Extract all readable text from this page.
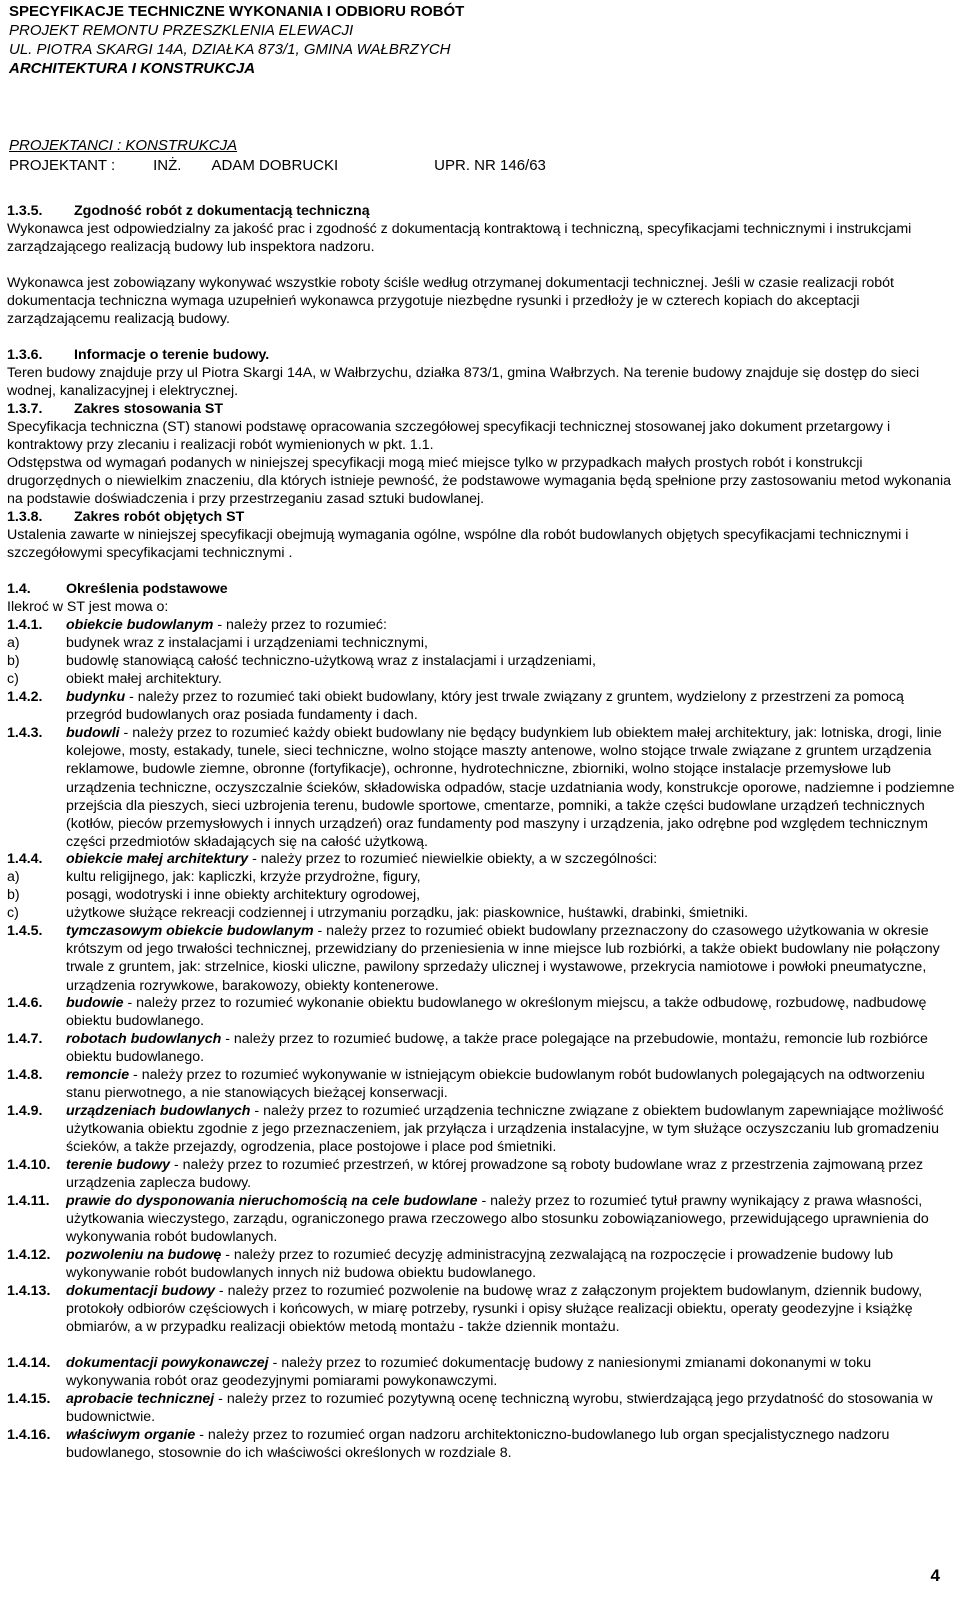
SPECYFIKACJE TECHNICZNE WYKONANIA I ODBIORU ROBÓT
PROJEKT REMONTU PRZESZKLENIA ELEWACJI
UL. PIOTRA SKARGI 14A, DZIAŁKA 873/1, GMINA WAŁBRZYCH
ARCHITEKTURA I KONSTRUKCJA
PROJEKTANCI : KONSTRUKCJA
PROJEKTANT :	INŻ. ADAM DOBRUCKI	UPR. NR 146/63
1.3.5. Zgodność robót z dokumentacją techniczną
Wykonawca jest odpowiedzialny za jakość prac i zgodność z dokumentacją kontraktową i techniczną, specyfikacjami technicznymi i instrukcjami zarządzającego realizacją budowy lub inspektora nadzoru.
Wykonawca jest zobowiązany wykonywać wszystkie roboty ściśle według otrzymanej dokumentacji technicznej. Jeśli w czasie realizacji robót dokumentacja techniczna wymaga uzupełnień wykonawca przygotuje niezbędne rysunki i przedłoży je w czterech kopiach do akceptacji zarządzającemu realizacją budowy.
1.3.6. Informacje o terenie budowy.
Teren budowy znajduje przy ul Piotra Skargi 14A, w Wałbrzychu, działka 873/1, gmina Wałbrzych. Na terenie budowy znajduje się dostęp do sieci wodnej, kanalizacyjnej i elektrycznej.
1.3.7. Zakres stosowania ST
Specyfikacja techniczna (ST) stanowi podstawę opracowania szczegółowej specyfikacji technicznej stosowanej jako dokument przetargowy i kontraktowy przy zlecaniu i realizacji robót wymienionych w pkt. 1.1.
Odstępstwa od wymagań podanych w niniejszej specyfikacji mogą mieć miejsce tylko w przypadkach małych prostych robót i konstrukcji drugorzędnych o niewielkim znaczeniu, dla których istnieje pewność, że podstawowe wymagania będą spełnione przy zastosowaniu metod wykonania na podstawie doświadczenia i przy przestrzeganiu zasad sztuki budowlanej.
1.3.8. Zakres robót objętych ST
Ustalenia zawarte w niniejszej specyfikacji obejmują wymagania ogólne, wspólne dla robót budowlanych objętych specyfikacjami technicznymi i szczegółowymi specyfikacjami technicznymi .
1.4. Określenia podstawowe
Ilekroć w ST jest mowa o:
1.4.1. obiekcie budowlanym - należy przez to rozumieć:
a)	budynek wraz z instalacjami i urządzeniami technicznymi,
b)	budowlę stanowiącą całość techniczno-użytkową wraz z instalacjami i urządzeniami,
c)	obiekt małej architektury.
1.4.2. budynku - należy przez to rozumieć taki obiekt budowlany, który jest trwale związany z gruntem, wydzielony z przestrzeni za pomocą przegród budowlanych oraz posiada fundamenty i dach.
1.4.3. budowli - należy przez to rozumieć każdy obiekt budowlany nie będący budynkiem lub obiektem małej architektury, jak: lotniska, drogi, linie kolejowe, mosty, estakady, tunele, sieci techniczne, wolno stojące maszty antenowe, wolno stojące trwale związane z gruntem urządzenia reklamowe, budowle ziemne, obronne (fortyfikacje), ochronne, hydrotechniczne, zbiorniki, wolno stojące instalacje przemysłowe lub urządzenia techniczne, oczyszczalnie ścieków, składowiska odpadów, stacje uzdatniania wody, konstrukcje oporowe, nadziemne i podziemne przejścia dla pieszych, sieci uzbrojenia terenu, budowle sportowe, cmentarze, pomniki, a także części budowlane urządzeń technicznych (kotłów, pieców przemysłowych i innych urządzeń) oraz fundamenty pod maszyny i urządzenia, jako odrębne pod względem technicznym części przedmiotów składających się na całość użytkową.
1.4.4. obiekcie małej architektury - należy przez to rozumieć niewielkie obiekty, a w szczególności:
a)	kultu religijnego, jak: kapliczki, krzyże przydrożne, figury,
b)	posągi, wodotryski i inne obiekty architektury ogrodowej,
c)	użytkowe służące rekreacji codziennej i utrzymaniu porządku, jak: piaskownice, huśtawki, drabinki, śmietniki.
1.4.5. tymczasowym obiekcie budowlanym - należy przez to rozumieć obiekt budowlany przeznaczony do czasowego użytkowania w okresie krótszym od jego trwałości technicznej, przewidziany do przeniesienia w inne miejsce lub rozbiórki, a także obiekt budowlany nie połączony trwale z gruntem, jak: strzelnice, kioski uliczne, pawilony sprzedaży ulicznej i wystawowe, przekrycia namiotowe i powłoki pneumatyczne, urządzenia rozrywkowe, barakowozy, obiekty kontenerowe.
1.4.6. budowie - należy przez to rozumieć wykonanie obiektu budowlanego w określonym miejscu, a także odbudowę, rozbudowę, nadbudowę obiektu budowlanego.
1.4.7. robotach budowlanych - należy przez to rozumieć budowę, a także prace polegające na przebudowie, montażu, remoncie lub rozbiórce obiektu budowlanego.
1.4.8. remoncie - należy przez to rozumieć wykonywanie w istniejącym obiekcie budowlanym robót budowlanych polegających na odtworzeniu stanu pierwotnego, a nie stanowiących bieżącej konserwacji.
1.4.9. urządzeniach budowlanych - należy przez to rozumieć urządzenia techniczne związane z obiektem budowlanym zapewniające możliwość użytkowania obiektu zgodnie z jego przeznaczeniem, jak przyłącza i urządzenia instalacyjne, w tym służące oczyszczaniu lub gromadzeniu ścieków, a także przejazdy, ogrodzenia, place postojowe i place pod śmietniki.
1.4.10. terenie budowy - należy przez to rozumieć przestrzeń, w której prowadzone są roboty budowlane wraz z przestrzenia zajmowaną przez urządzenia zaplecza budowy.
1.4.11. prawie do dysponowania nieruchomością na cele budowlane - należy przez to rozumieć tytuł prawny wynikający z prawa własności, użytkowania wieczystego, zarządu, ograniczonego prawa rzeczowego albo stosunku zobowiązaniowego, przewidującego uprawnienia do wykonywania robót budowlanych.
1.4.12. pozwoleniu na budowę - należy przez to rozumieć decyzję administracyjną zezwalającą na rozpoczęcie i prowadzenie budowy lub wykonywanie robót budowlanych innych niż budowa obiektu budowlanego.
1.4.13. dokumentacji budowy - należy przez to rozumieć pozwolenie na budowę wraz z załączonym projektem budowlanym, dziennik budowy, protokoły odbiorów częściowych i końcowych, w miarę potrzeby, rysunki i opisy służące realizacji obiektu, operaty geodezyjne i książkę obmiarów, a w przypadku realizacji obiektów metodą montażu - także dziennik montażu.
1.4.14. dokumentacji powykonawczej - należy przez to rozumieć dokumentację budowy z naniesionymi zmianami dokonanymi w toku wykonywania robót oraz geodezyjnymi pomiarami powykonawczymi.
1.4.15. aprobacie technicznej - należy przez to rozumieć pozytywną ocenę techniczną wyrobu, stwierdzającą jego przydatność do stosowania w budownictwie.
1.4.16. właściwym organie - należy przez to rozumieć organ nadzoru architektoniczno-budowlanego lub organ specjalistycznego nadzoru budowlanego, stosownie do ich właściwości określonych w rozdziale 8.
4
